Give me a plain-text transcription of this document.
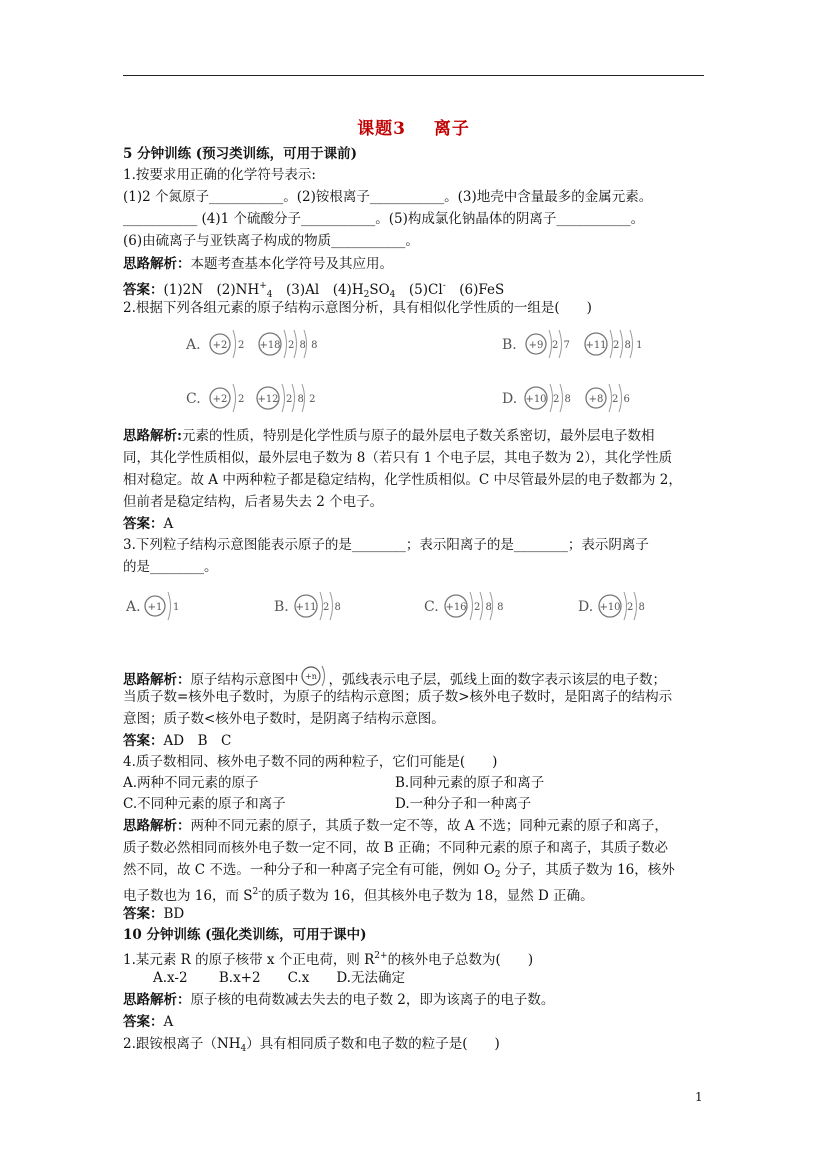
课题3 离子
5 分钟训练 (预习类训练，可用于课前)
1.按要求用正确的化学符号表示:
(1)2 个氮原子___________。(2)铵根离子___________。(3)地壳中含量最多的金属元素。
___________ (4)1 个硫酸分子___________。(5)构成氯化钠晶体的阴离子___________。
(6)由硫离子与亚铁离子构成的物质___________。
思路解析：本题考查基本化学符号及其应用。
答案：(1)2N　$(2)NH^+_4$　(3)Al　$(4)H_2SO_4$　(5)Cl-　(6)FeS
2.根据下列各组元素的原子结构示意图分析，具有相似化学性质的一组是(　　)
A. +2 2 +18 2 8 8	B. +9 2 7 +11 2 8 1
C. +2 2 +12 2 8 2	D. +10 2 8 +8 2 6
思路解析:元素的性质，特别是化学性质与原子的最外层电子数关系密切，最外层电子数相
同，其化学性质相似，最外层电子数为 8（若只有 1 个电子层，其电子数为 2），其化学性质
相对稳定。故 A 中两种粒子都是稳定结构，化学性质相似。C 中尽管最外层的电子数都为 2，
但前者是稳定结构，后者易失去 2 个电子。
答案：A
3.下列粒子结构示意图能表示原子的是________；表示阳离子的是________；表示阴离子
的是________。
A. +1 1	B. +11 2 8	C. +16 2 8 8	D. +10 2 8
思路解析：原子结构示意图中 +n ，弧线表示电子层，弧线上面的数字表示该层的电子数；
当质子数=核外电子数时，为原子的结构示意图；质子数>核外电子数时，是阳离子的结构示
意图；质子数<核外电子数时，是阴离子结构示意图。
答案：AD　B　C
4.质子数相同、核外电子数不同的两种粒子，它们可能是(　　)
A.两种不同元素的原子	B.同种元素的原子和离子
C.不同种元素的原子和离子	D.一种分子和一种离子
思路解析：两种不同元素的原子，其质子数一定不等，故 A 不选；同种元素的原子和离子，
质子数必然相同而核外电子数一定不同，故 B 正确；不同种元素的原子和离子，其质子数必
然不同，故 C 不选。一种分子和一种离子完全有可能，例如 $O_2$ 分子，其质子数为 16，核外
电子数也为 16，而 $S^{2-}$的质子数为 16，但其核外电子数为 18，显然 D 正确。
答案：BD
10 分钟训练 (强化类训练，可用于课中)
1.某元素 R 的原子核带 x 个正电荷，则 $R^{2+}$的核外电子总数为(　　)
A.x-2　　 B.x+2　　C.x　　D.无法确定
思路解析：原子核的电荷数减去失去的电子数 2，即为该离子的电子数。
答案：A
2.跟铵根离子$(NH_4)$具有相同质子数和电子数的粒子是(　　)
1
